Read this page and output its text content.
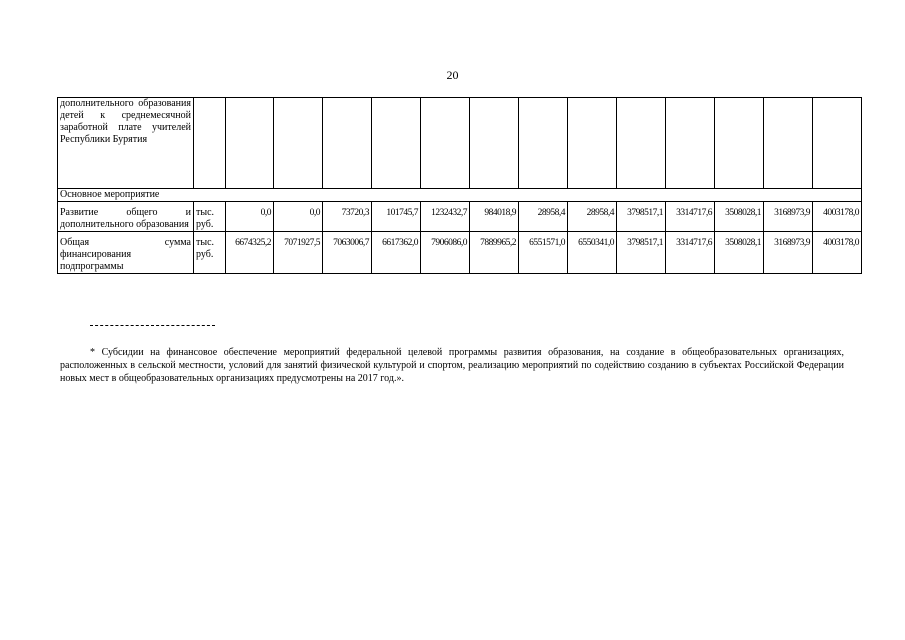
20
дополнительного образования детей к среднемесячной заработной плате учителей Республики Бурятия														
Основное мероприятие														
Развитие общего и дополнительного образования	тыс. руб.	0,0	0,0	73720,3	101745,7	1232432,7	984018,9	28958,4	28958,4	3798517,1	3314717,6	3508028,1	3168973,9	4003178,0
Общая сумма финансирования подпрограммы	тыс. руб.	6674325,2	7071927,5	7063006,7	6617362,0	7906086,0	7889965,2	6551571,0	6550341,0	3798517,1	3314717,6	3508028,1	3168973,9	4003178,0
* Субсидии на финансовое обеспечение мероприятий федеральной целевой программы развития образования, на создание в общеобразовательных организациях, расположенных в сельской местности, условий для занятий физической культурой и спортом, реализацию мероприятий по содействию созданию в субъектах Российской Федерации новых мест в общеобразовательных организациях предусмотрены на 2017 год.».
